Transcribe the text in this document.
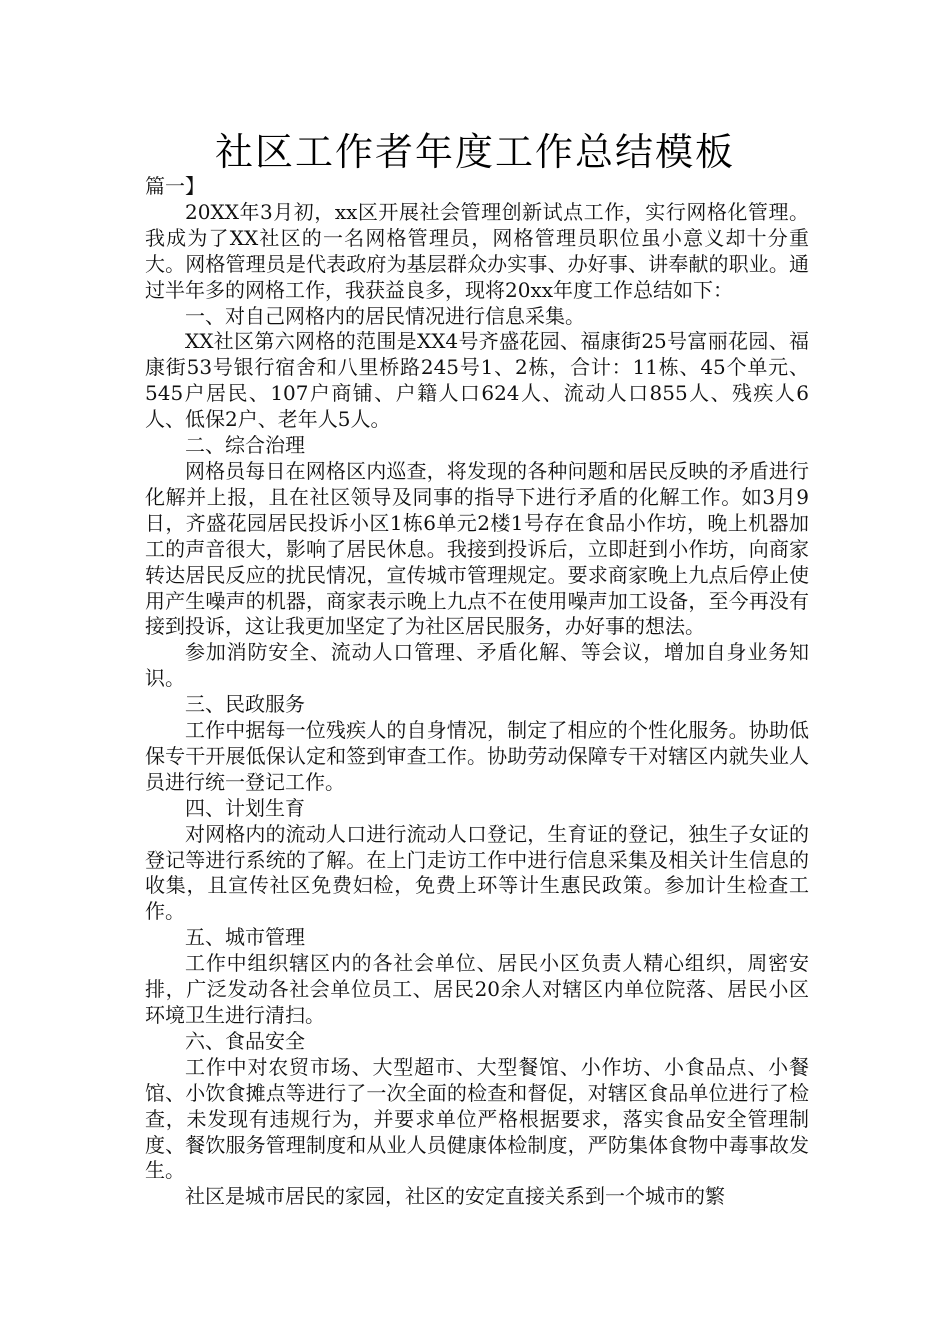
社区工作者年度工作总结模板

篇一】

20XX年3月初，xx区开展社会管理创新试点工作，实行网格化管理。我成为了XX社区的一名网格管理员，网格管理员职位虽小意义却十分重大。网格管理员是代表政府为基层群众办实事、办好事、讲奉献的职业。通过半年多的网格工作，我获益良多，现将20xx年度工作总结如下：

一、对自己网格内的居民情况进行信息采集。

XX社区第六网格的范围是XX4号齐盛花园、福康街25号富丽花园、福康街53号银行宿舍和八里桥路245号1、2栋，合计：11栋、45个单元、545户居民、107户商铺、户籍人口624人、流动人口855人、残疾人6人、低保2户、老年人5人。

二、综合治理

网格员每日在网格区内巡查，将发现的各种问题和居民反映的矛盾进行化解并上报，且在社区领导及同事的指导下进行矛盾的化解工作。如3月9日，齐盛花园居民投诉小区1栋6单元2楼1号存在食品小作坊，晚上机器加工的声音很大，影响了居民休息。我接到投诉后，立即赶到小作坊，向商家转达居民反应的扰民情况，宣传城市管理规定。要求商家晚上九点后停止使用产生噪声的机器，商家表示晚上九点不在使用噪声加工设备，至今再没有接到投诉，这让我更加坚定了为社区居民服务，办好事的想法。

参加消防安全、流动人口管理、矛盾化解、等会议，增加自身业务知识。

三、民政服务

工作中据每一位残疾人的自身情况，制定了相应的个性化服务。协助低保专干开展低保认定和签到审查工作。协助劳动保障专干对辖区内就失业人员进行统一登记工作。

四、计划生育

对网格内的流动人口进行流动人口登记，生育证的登记，独生子女证的登记等进行系统的了解。在上门走访工作中进行信息采集及相关计生信息的收集，且宣传社区免费妇检，免费上环等计生惠民政策。参加计生检查工作。

五、城市管理

工作中组织辖区内的各社会单位、居民小区负责人精心组织，周密安排，广泛发动各社会单位员工、居民20余人对辖区内单位院落、居民小区环境卫生进行清扫。

六、食品安全

工作中对农贸市场、大型超市、大型餐馆、小作坊、小食品点、小餐馆、小饮食摊点等进行了一次全面的检查和督促，对辖区食品单位进行了检查，未发现有违规行为，并要求单位严格根据要求，落实食品安全管理制度、餐饮服务管理制度和从业人员健康体检制度，严防集体食物中毒事故发生。

社区是城市居民的家园，社区的安定直接关系到一个城市的繁
